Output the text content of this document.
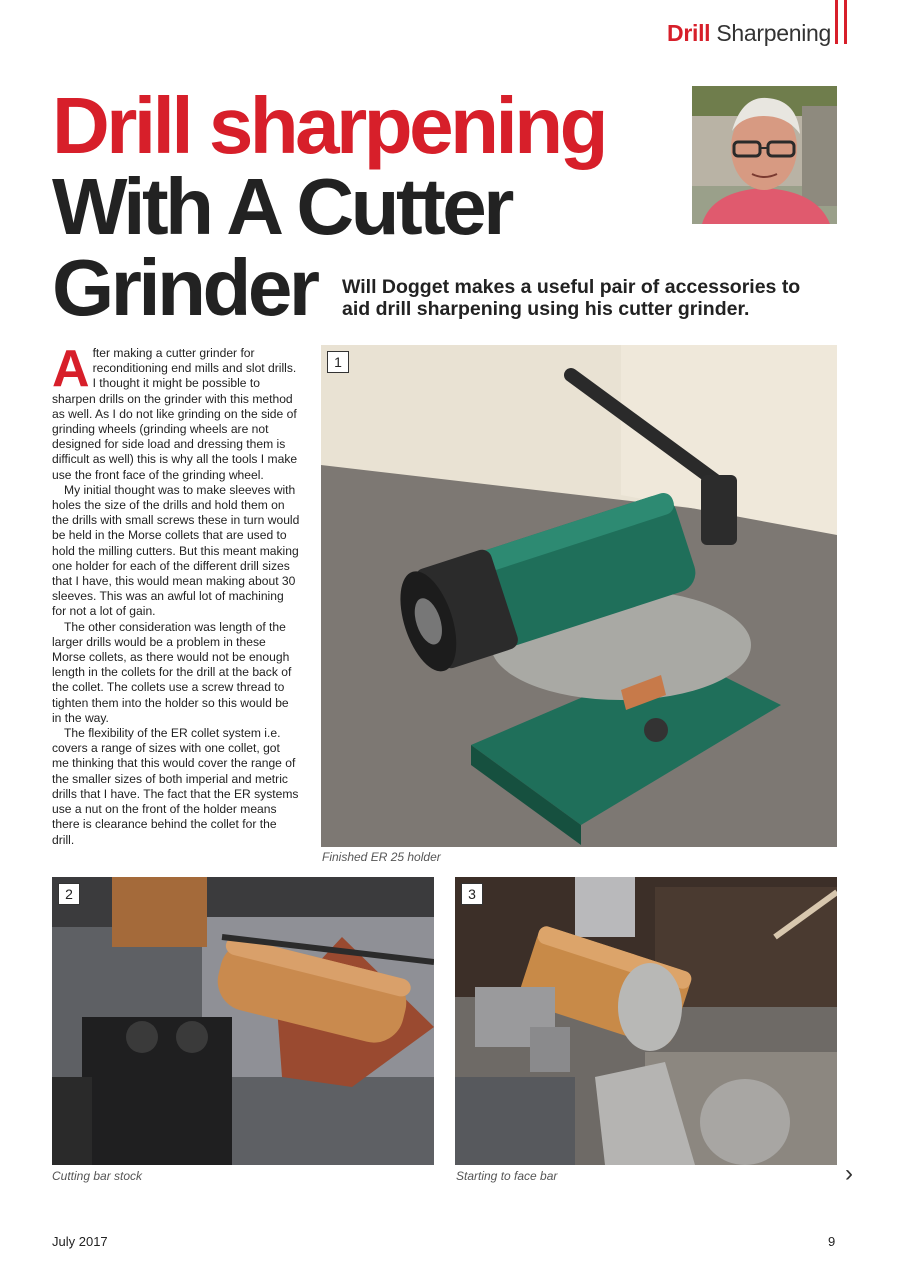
Drill Sharpening
Drill sharpening
With A Cutter
Grinder Will Dogget makes a useful pair of accessories to aid drill sharpening using his cutter grinder.

After making a cutter grinder for reconditioning end mills and slot drills. I thought it might be possible to sharpen drills on the grinder with this method as well. As I do not like grinding on the side of grinding wheels (grinding wheels are not designed for side load and dressing them is difficult as well) this is why all the tools I make use the front face of the grinding wheel.

My initial thought was to make sleeves with holes the size of the drills and hold them on the drills with small screws these in turn would be held in the Morse collets that are used to hold the milling cutters. But this meant making one holder for each of the different drill sizes that I have, this would mean making about 30 sleeves. This was an awful lot of machining for not a lot of gain.

The other consideration was length of the larger drills would be a problem in these Morse collets, as there would not be enough length in the collets for the drill at the back of the collet. The collets use a screw thread to tighten them into the holder so this would be in the way.

The flexibility of the ER collet system i.e. covers a range of sizes with one collet, got me thinking that this would cover the range of the smaller sizes of both imperial and metric drills that I have. The fact that the ER systems use a nut on the front of the holder means there is clearance behind the collet for the drill.

1
Finished ER 25 holder
2
Cutting bar stock
3
Starting to face bar	›
July 2017	9
